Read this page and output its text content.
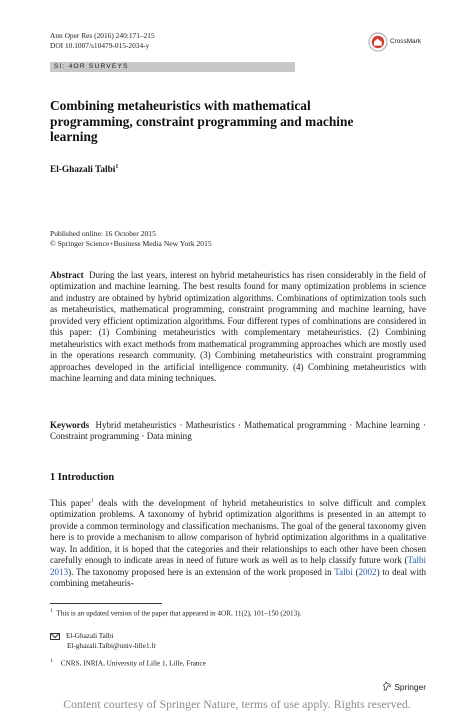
Ann Oper Res (2016) 240:171–215
DOI 10.1007/s10479-015-2034-y	CrossMark
SI: 4OR SURVEYS
Combining metaheuristics with mathematical programming, constraint programming and machine learning
El-Ghazali Talbi$^1$
Published online: 16 October 2015
© Springer Science+Business Media New York 2015

Abstract During the last years, interest on hybrid metaheuristics has risen considerably in the field of optimization and machine learning. The best results found for many optimization problems in science and industry are obtained by hybrid optimization algorithms. Combinations of optimization tools such as metaheuristics, mathematical programming, constraint programming and machine learning, have provided very efficient optimization algorithms. Four different types of combinations are considered in this paper: (1) Combining metaheuristics with complementary metaheuristics. (2) Combining metaheuristics with exact methods from mathematical programming approaches which are mostly used in the operations research community. (3) Combining metaheuristics with constraint programming approaches developed in the artificial intelligence community. (4) Combining metaheuristics with machine learning and data mining techniques.

Keywords Hybrid metaheuristics · Matheuristics · Mathematical programming · Machine learning · Constraint programming · Data mining

1 Introduction

This paper$^1$ deals with the development of hybrid metaheuristics to solve difficult and complex optimization problems. A taxonomy of hybrid optimization algorithms is presented in an attempt to provide a common terminology and classification mechanisms. The goal of the general taxonomy given here is to provide a mechanism to allow comparison of hybrid optimization algorithms in a qualitative way. In addition, it is hoped that the categories and their relationships to each other have been chosen carefully enough to indicate areas in need of future work as well as to help classify future work (Talbi 2013). The taxonomy proposed here is an extension of the work proposed in Talbi (2002) to deal with combining metaheuris-

$^1$ This is an updated version of the paper that appeared in 4OR, 11(2), 101–150 (2013).
El-Ghazali Talbi
El-ghazali.Talbi@univ-lille1.fr
$^1$ CNRS, INRIA, University of Lille 1, Lille, France
Springer
Content courtesy of Springer Nature, terms of use apply. Rights reserved.
